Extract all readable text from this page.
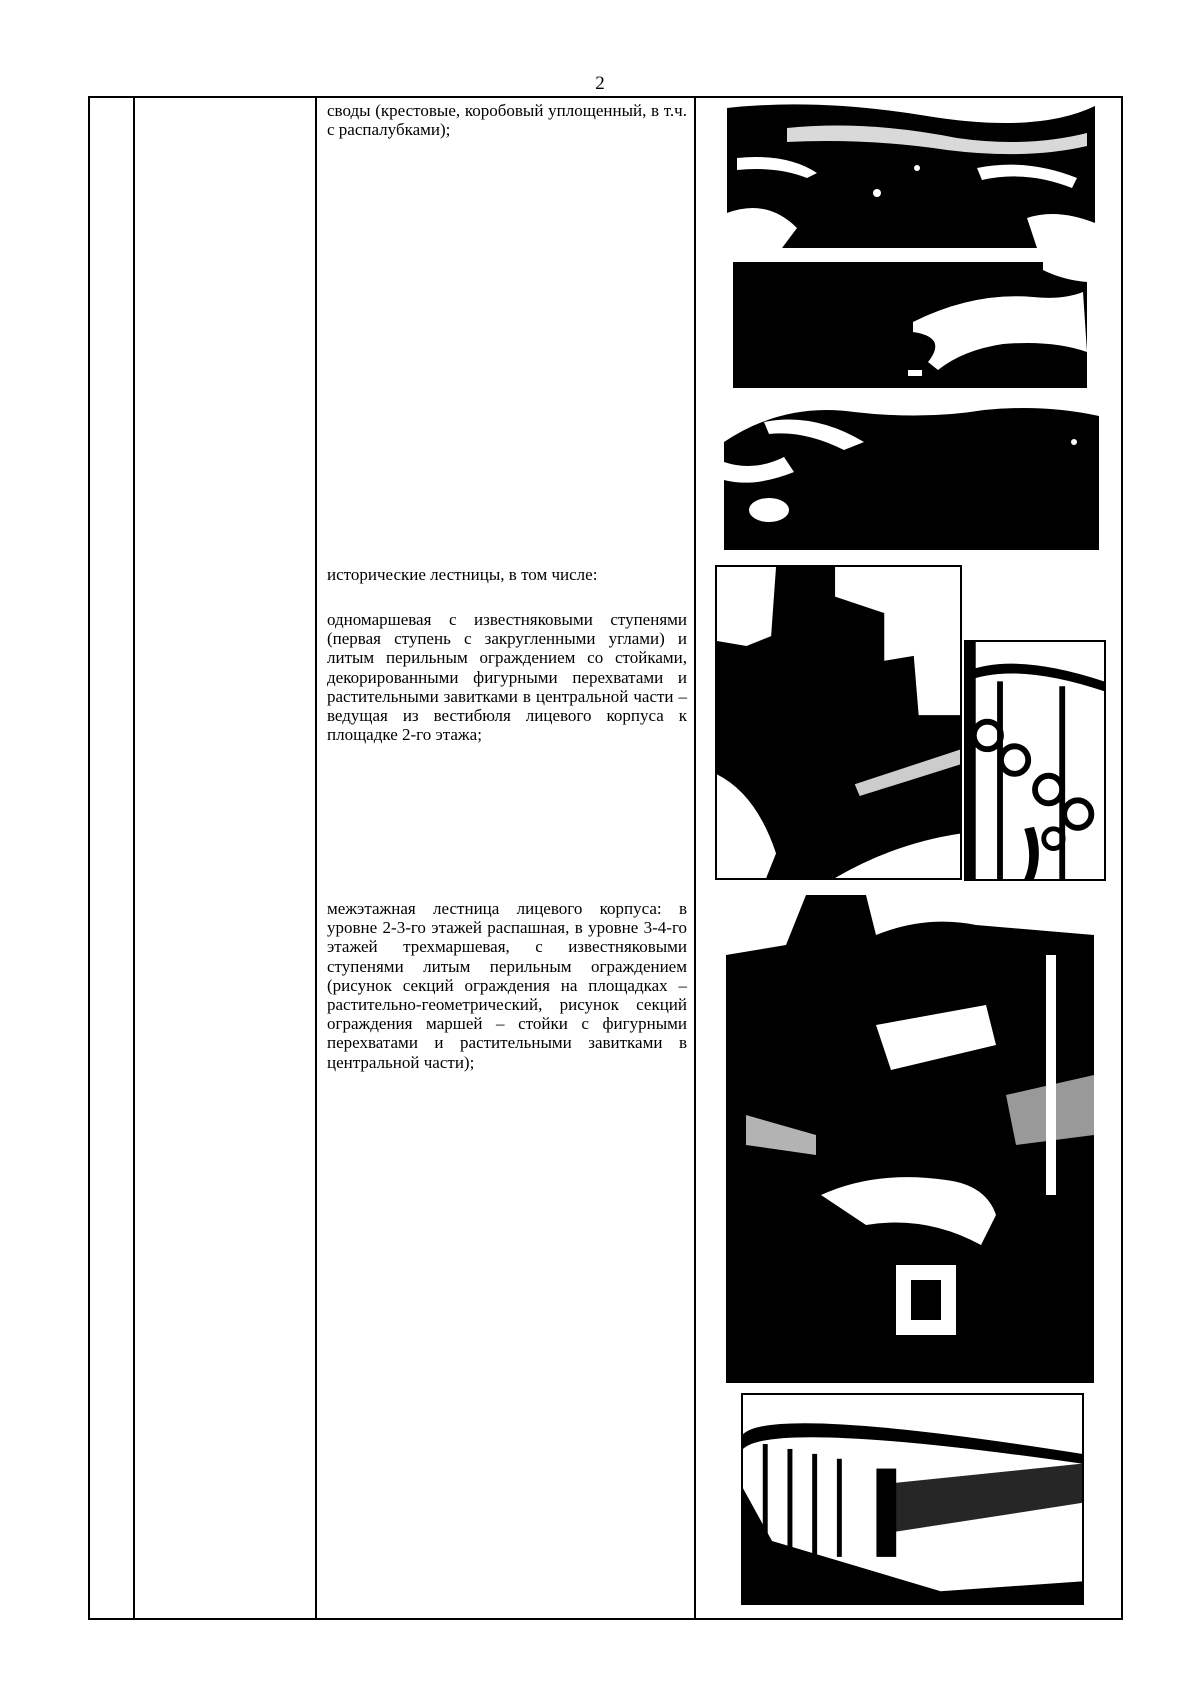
2
своды (крестовые, коробовый уплощенный, в т.ч. с распалубками);
исторические лестницы, в том числе:
одномаршевая с известняковыми ступенями (первая ступень с закругленными углами) и литым перильным ограждением со стойками, декорированными фигурными перехватами и растительными завитками в центральной части – ведущая из вестибюля лицевого корпуса к площадке 2-го этажа;
межэтажная лестница лицевого корпуса: в уровне 2-3-го этажей распашная, в уровне 3-4-го этажей трехмаршевая, с известняковыми ступенями литым перильным ограждением (рисунок секций ограждения на площадках – растительно-геометрический, рисунок секций ограждения маршей – стойки с фигурными перехватами и растительными завитками в центральной части);
